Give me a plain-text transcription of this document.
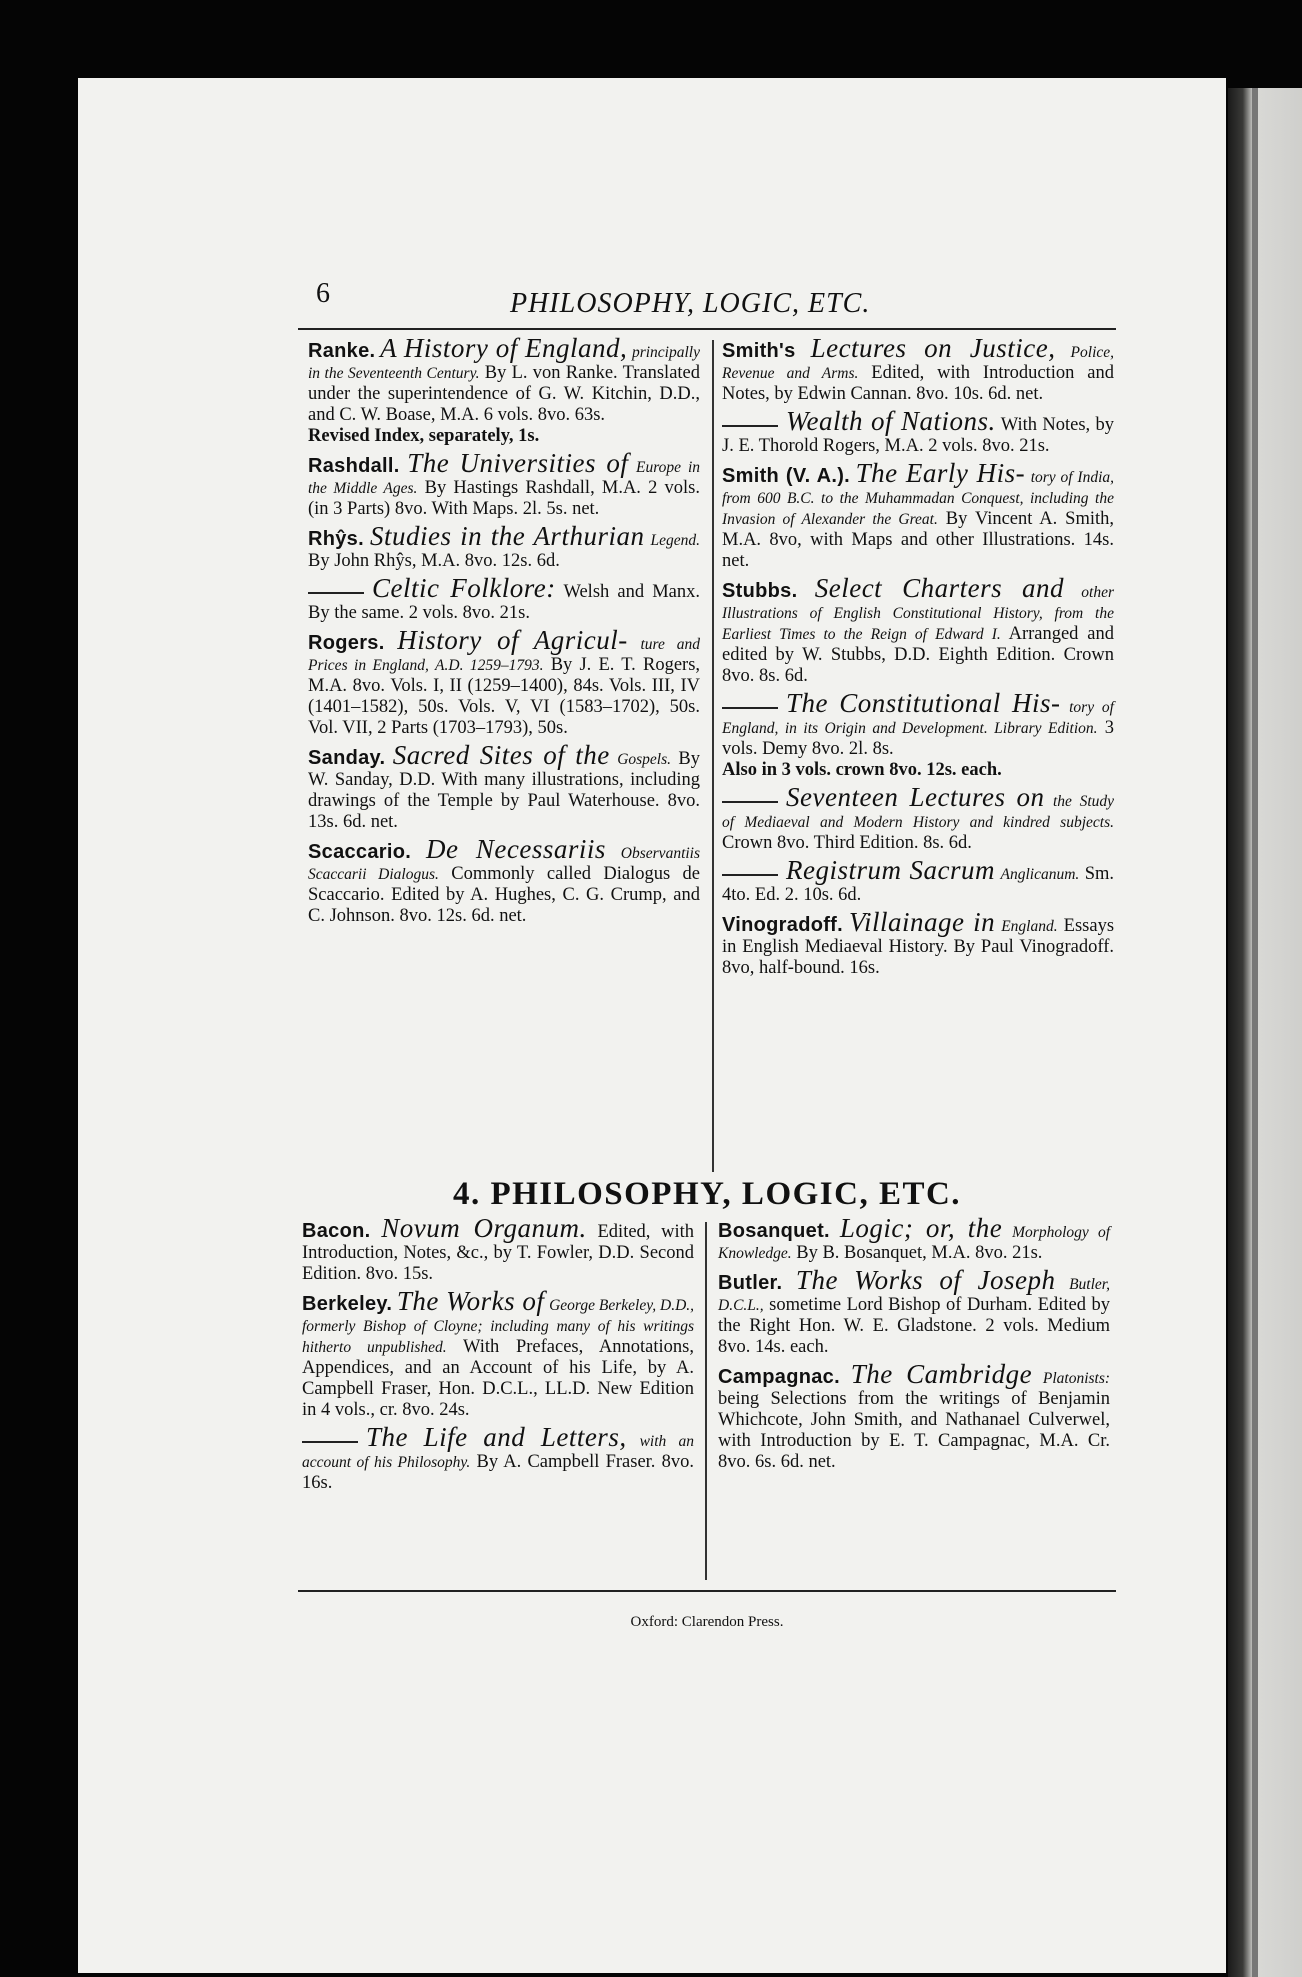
6	PHILOSOPHY, LOGIC, ETC.

Ranke. A History of England, principally in the Seventeenth Century. By L. von Ranke. Translated under the superintendence of G. W. Kitchin, D.D., and C. W. Boase, M.A. 6 vols. 8vo. 63s.
Revised Index, separately, 1s.

Rashdall. The Universities of Europe in the Middle Ages. By Hastings Rashdall, M.A. 2 vols. (in 3 Parts) 8vo. With Maps. 2l. 5s. net.

Rhŷs. Studies in the Arthurian Legend. By John Rhŷs, M.A. 8vo. 12s. 6d.

Celtic Folklore: Welsh and Manx. By the same. 2 vols. 8vo. 21s.

Rogers. History of Agricul- ture and Prices in England, A.D. 1259–1793. By J. E. T. Rogers, M.A. 8vo. Vols. I, II (1259–1400), 84s. Vols. III, IV (1401–1582), 50s. Vols. V, VI (1583–1702), 50s. Vol. VII, 2 Parts (1703–1793), 50s.

Sanday. Sacred Sites of the Gospels. By W. Sanday, D.D. With many illustrations, including drawings of the Temple by Paul Waterhouse. 8vo. 13s. 6d. net.

Scaccario. De Necessariis Observantiis Scaccarii Dialogus. Commonly called Dialogus de Scaccario. Edited by A. Hughes, C. G. Crump, and C. Johnson. 8vo. 12s. 6d. net.

Smith's Lectures on Justice, Police, Revenue and Arms. Edited, with Introduction and Notes, by Edwin Cannan. 8vo. 10s. 6d. net.

Wealth of Nations. With Notes, by J. E. Thorold Rogers, M.A. 2 vols. 8vo. 21s.

Smith (V. A.). The Early His- tory of India, from 600 B.C. to the Muhammadan Conquest, including the Invasion of Alexander the Great. By Vincent A. Smith, M.A. 8vo, with Maps and other Illustrations. 14s. net.

Stubbs. Select Charters and other Illustrations of English Constitutional History, from the Earliest Times to the Reign of Edward I. Arranged and edited by W. Stubbs, D.D. Eighth Edition. Crown 8vo. 8s. 6d.

The Constitutional His- tory of England, in its Origin and Development. Library Edition. 3 vols. Demy 8vo. 2l. 8s.
Also in 3 vols. crown 8vo. 12s. each.

Seventeen Lectures on the Study of Mediaeval and Modern History and kindred subjects. Crown 8vo. Third Edition. 8s. 6d.

Registrum Sacrum Anglicanum. Sm. 4to. Ed. 2. 10s. 6d.

Vinogradoff. Villainage in England. Essays in English Mediaeval History. By Paul Vinogradoff. 8vo, half-bound. 16s.

4. PHILOSOPHY, LOGIC, ETC.

Bacon. Novum Organum. Edited, with Introduction, Notes, &c., by T. Fowler, D.D. Second Edition. 8vo. 15s.

Berkeley. The Works of George Berkeley, D.D., formerly Bishop of Cloyne; including many of his writings hitherto unpublished. With Prefaces, Annotations, Appendices, and an Account of his Life, by A. Campbell Fraser, Hon. D.C.L., LL.D. New Edition in 4 vols., cr. 8vo. 24s.

The Life and Letters, with an account of his Philosophy. By A. Campbell Fraser. 8vo. 16s.

Bosanquet. Logic; or, the Morphology of Knowledge. By B. Bosanquet, M.A. 8vo. 21s.

Butler. The Works of Joseph Butler, D.C.L., sometime Lord Bishop of Durham. Edited by the Right Hon. W. E. Gladstone. 2 vols. Medium 8vo. 14s. each.

Campagnac. The Cambridge Platonists: being Selections from the writings of Benjamin Whichcote, John Smith, and Nathanael Culverwel, with Introduction by E. T. Campagnac, M.A. Cr. 8vo. 6s. 6d. net.

Oxford: Clarendon Press.
